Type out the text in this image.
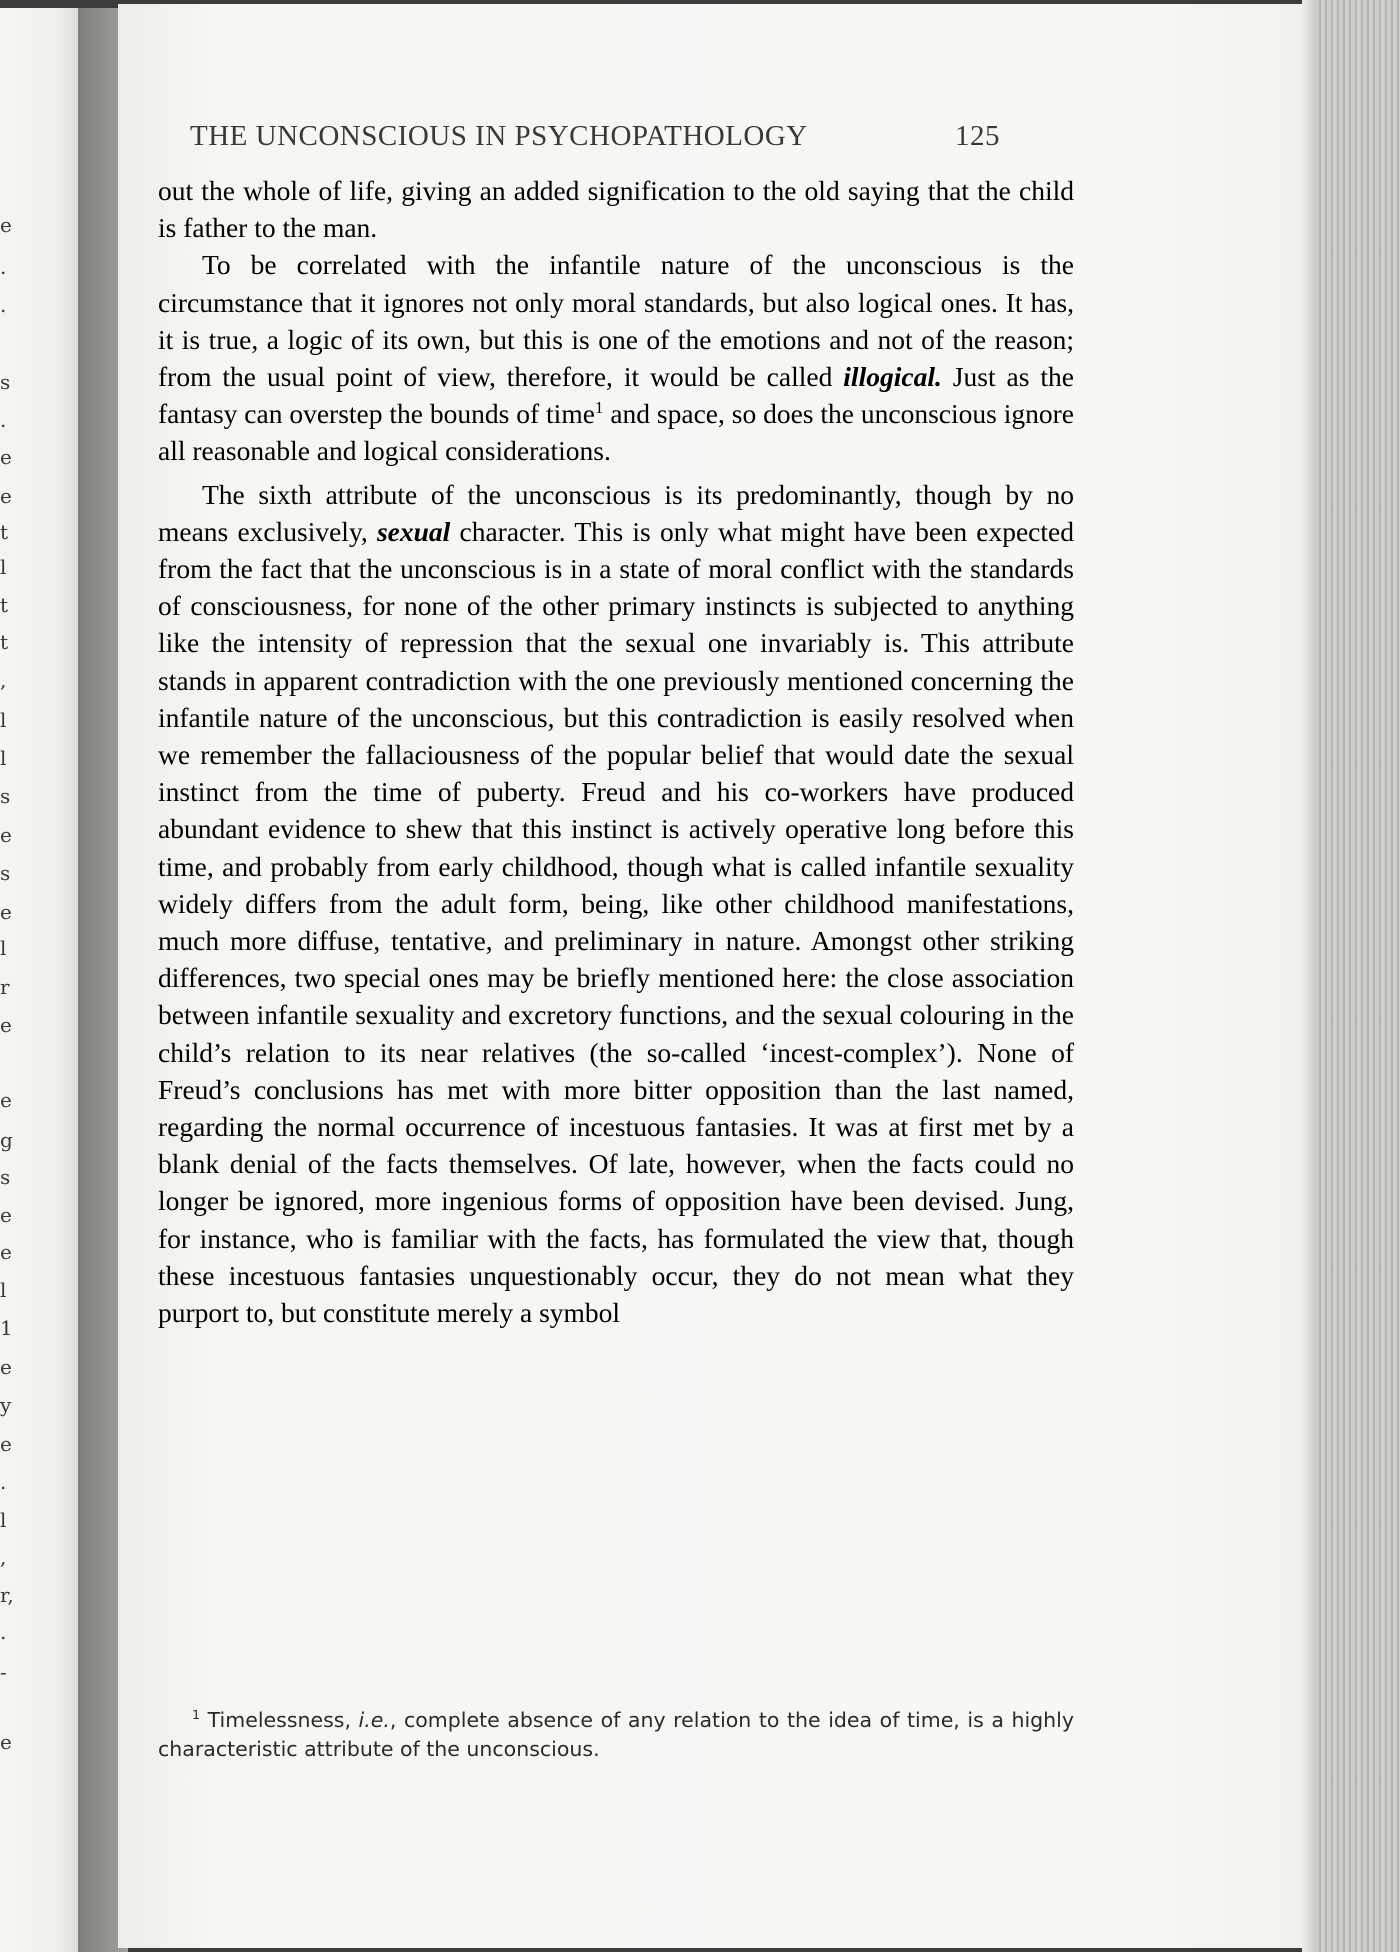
e
.
.
s
.
e
e
t
l
t
t
,
l
l
s
e
s
e
l
r
e
e
g
s
e
e
l
1
e
y
e
.
l
,
r,
.
-
e
THE UNCONSCIOUS IN PSYCHOPATHOLOGY	125

out the whole of life, giving an added signification to the old saying that the child is father to the man.

To be correlated with the infantile nature of the unconscious is the circumstance that it ignores not only moral standards, but also logical ones. It has, it is true, a logic of its own, but this is one of the emotions and not of the reason; from the usual point of view, therefore, it would be called illogical. Just as the fantasy can overstep the bounds of time$^1$ and space, so does the unconscious ignore all reasonable and logical considerations.

The sixth attribute of the unconscious is its predominantly, though by no means exclusively, sexual character. This is only what might have been expected from the fact that the unconscious is in a state of moral conflict with the standards of consciousness, for none of the other primary instincts is subjected to anything like the intensity of repression that the sexual one invariably is. This attribute stands in apparent contradiction with the one previously mentioned concerning the infantile nature of the unconscious, but this contradiction is easily resolved when we remember the fallaciousness of the popular belief that would date the sexual instinct from the time of puberty. Freud and his co-workers have produced abundant evidence to shew that this instinct is actively operative long before this time, and probably from early childhood, though what is called infantile sexuality widely differs from the adult form, being, like other childhood manifestations, much more diffuse, tentative, and preliminary in nature. Amongst other striking differences, two special ones may be briefly mentioned here: the close association between infantile sexuality and excretory functions, and the sexual colouring in the child’s relation to its near relatives (the so-called ‘incest-complex’). None of Freud’s conclusions has met with more bitter opposition than the last named, regarding the normal occurrence of incestuous fantasies. It was at first met by a blank denial of the facts themselves. Of late, however, when the facts could no longer be ignored, more ingenious forms of opposition have been devised. Jung, for instance, who is familiar with the facts, has formulated the view that, though these incestuous fantasies unquestionably occur, they do not mean what they purport to, but constitute merely a symbol

$^1$ Timelessness, i.e., complete absence of any relation to the idea of time, is a highly characteristic attribute of the unconscious.
